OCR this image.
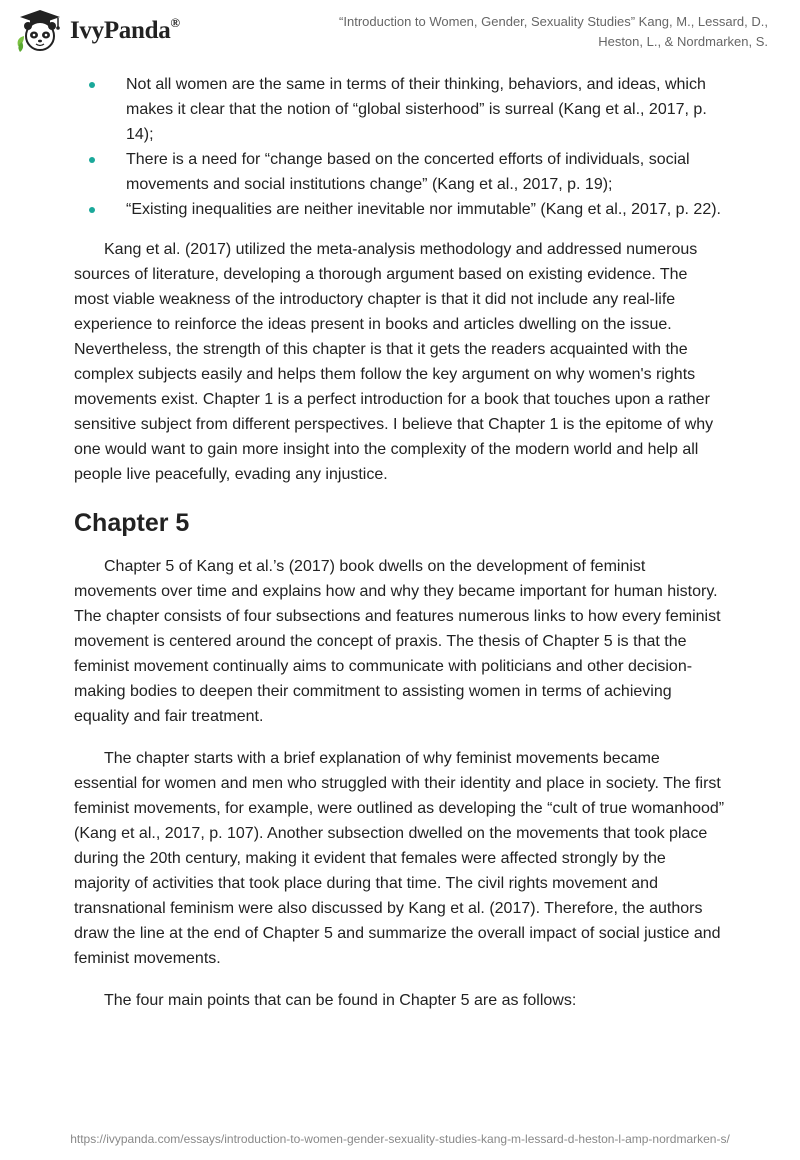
IvyPanda®	“Introduction to Women, Gender, Sexuality Studies” Kang, M., Lessard, D., Heston, L., & Nordmarken, S.
Not all women are the same in terms of their thinking, behaviors, and ideas, which makes it clear that the notion of “global sisterhood” is surreal (Kang et al., 2017, p. 14);
There is a need for “change based on the concerted efforts of individuals, social movements and social institutions change” (Kang et al., 2017, p. 19);
“Existing inequalities are neither inevitable nor immutable” (Kang et al., 2017, p. 22).

Kang et al. (2017) utilized the meta-analysis methodology and addressed numerous sources of literature, developing a thorough argument based on existing evidence. The most viable weakness of the introductory chapter is that it did not include any real-life experience to reinforce the ideas present in books and articles dwelling on the issue. Nevertheless, the strength of this chapter is that it gets the readers acquainted with the complex subjects easily and helps them follow the key argument on why women's rights movements exist. Chapter 1 is a perfect introduction for a book that touches upon a rather sensitive subject from different perspectives. I believe that Chapter 1 is the epitome of why one would want to gain more insight into the complexity of the modern world and help all people live peacefully, evading any injustice.

Chapter 5

Chapter 5 of Kang et al.’s (2017) book dwells on the development of feminist movements over time and explains how and why they became important for human history. The chapter consists of four subsections and features numerous links to how every feminist movement is centered around the concept of praxis. The thesis of Chapter 5 is that the feminist movement continually aims to communicate with politicians and other decision-making bodies to deepen their commitment to assisting women in terms of achieving equality and fair treatment.

The chapter starts with a brief explanation of why feminist movements became essential for women and men who struggled with their identity and place in society. The first feminist movements, for example, were outlined as developing the “cult of true womanhood” (Kang et al., 2017, p. 107). Another subsection dwelled on the movements that took place during the 20th century, making it evident that females were affected strongly by the majority of activities that took place during that time. The civil rights movement and transnational feminism were also discussed by Kang et al. (2017). Therefore, the authors draw the line at the end of Chapter 5 and summarize the overall impact of social justice and feminist movements.

The four main points that can be found in Chapter 5 are as follows:

https://ivypanda.com/essays/introduction-to-women-gender-sexuality-studies-kang-m-lessard-d-heston-l-amp-nordmarken-s/
